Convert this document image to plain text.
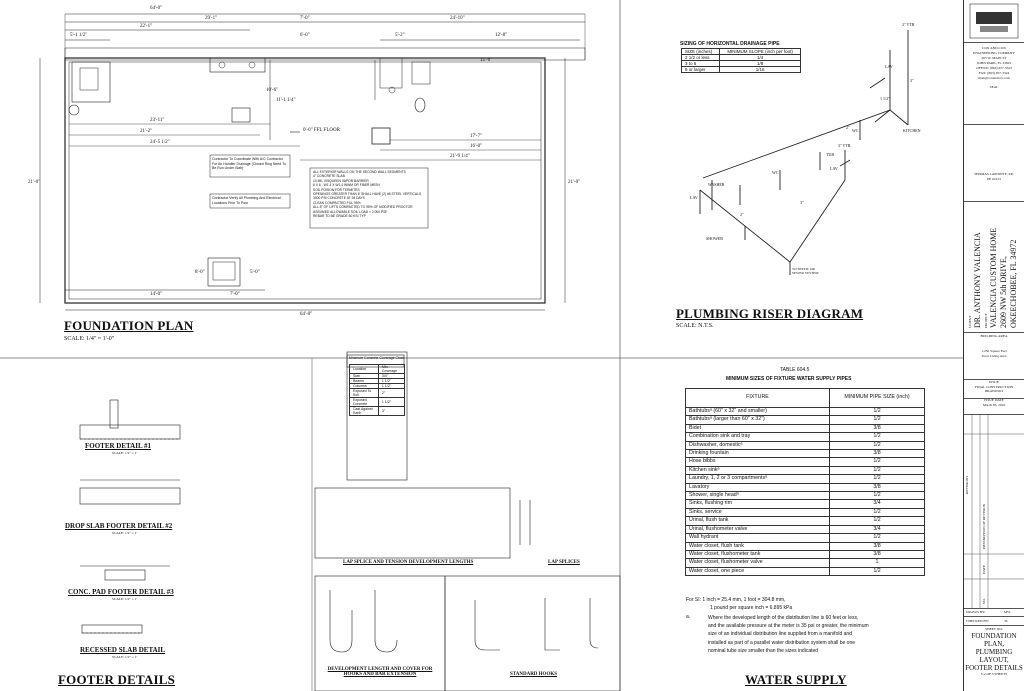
64'-0"
29'-1"	7'-0"	24'-10"
22'-1"
5'-1 1/2"	6'-0"	5'-2"	12'-8"
15'-6"
23'-11"
21'-2"
24'-5 1/2"
17'-7"
16'-0"
21'-9 1/4"
10'-6"
11'-1 1/4"
8'-0"	5'-0"
14'-0"	7'-0"
64'-0"
21'-0"	21'-0"
0'-0" FFL FLOOR
Contractor To Coordinate With A/C Contractor For Air Handler Drainage (Closed Ring Need To Be Run Under Slab)
Contractor Verify All Plumbing And Electrical Locations Prior To Pour
ALL EXTERIOR WALLS ON THE SECOND WALL SEGMENTS
4" CONCRETE SLAB
10 MIL VISQUEEN VAPOR BARRIER
6 X 6 - W1.4 X W1.4 WWM OR FIBER MESH
SOIL POISON FOR TERMITES
OPENINGS GREATER THAN 6' SHALL HAVE (2) #5 STEEL VERTICALS
3000 PSI CONCRETE AT 28 DAYS
CLEAN COMPACTED FILL 95%
ALL 8" OF LIFTS COMPACTED TO 95% OF MODIFIED PROCTOR
ASSUMED ALLOWABLE SOIL LOAD = 2,000 PSF
REBAR TO BE GRADE 60 KSI TYP
FOUNDATION PLAN
SCALE: 1/4" = 1'-0"
SIZING OF HORIZONTAL DRAINAGE PIPE
SIZE (inches)	MINIMUM SLOPE (inch per foot)
2 1/2 or less	1/4
3 to 6	1/8
8 or larger	1/16
2" VTR
LAV
KITCHEN
LAV
WASHER
WC
TUB
LAV
WC
SHOWER
3" VTR
TO SEPTIC OR SEWER SYSTEM
2"
3"
2"
1 1/2"
3"
PLUMBING RISER DIAGRAM
SCALE: N.T.S.
FOOTER DETAIL #1
SCALE: 1/2" = 1'
DROP SLAB FOOTER DETAIL #2
SCALE: 1/2" = 1'
CONC. PAD FOOTER DETAIL #3
SCALE: 1/2" = 1'
RECESSED SLAB DETAIL
SCALE: 1/2" = 1'
Minimum Concrete Coverage Chart
Location	Min. Coverage
Slab	3/4"
Beams	1 1/2"
Columns	1 1/2"
Exposed To Soil	2"
Exposed Concrete	1 1/2"
Cast Against Earth	3"
LAP SPLICE AND TENSION DEVELOPMENT LENGTHS	LAP SPLICES
DEVELOPMENT LENGTH AND COVER FOR HOOKS AND BAR EXTENSION	STANDARD HOOKS
FOOTER DETAILS
TABLE 604.5
MINIMUM SIZES OF FIXTURE WATER SUPPLY PIPES
FIXTURE	MINIMUM PIPE SIZE (inch)
Bathtubsᵃ (60" x 32" and smaller)	1/2
Bathtubsᵃ (larger than 60" x 32")	1/2
Bidet	3/8
Combination sink and tray	1/2
Dishwasher, domesticᵃ	1/2
Drinking fountain	3/8
Hose bibbs	1/2
Kitchen sinkᵃ	1/2
Laundry, 1, 2 or 3 compartmentsᵃ	1/2
Lavatory	3/8
Shower, single headᵃ	1/2
Sinks, flushing rim	3/4
Sinks, service	1/2
Urinal, flush tank	1/2
Urinal, flushometer valve	3/4
Wall hydrant	1/2
Water closet, flush tank	3/8
Water closet, flushometer tank	3/8
Water closet, flushometer valve	1
Water closet, one piece	1/2
For SI: 1 inch = 25.4 mm, 1 foot = 304.8 mm,
1 pound per square inch = 6.895 kPa
a.	Where the developed length of the distribution line is 60 feet or less,
and the available pressure at the meter is 35 psi or greater, the minimum
size of an individual distribution line supplied from a manifold and
installed as part of a parallel water distribution system shall be one
nominal tube size smaller than the sizes indicated
WATER SUPPLY
COX AND COX
ENGINEERING COMPANY
205 W. MAIN ST
JOHN PARK, FL 33825
OFFICE: (863) 657-3323
FAX: (863) 657-3324
mail@coxandcox.com
SEAL
THOMAS LAPOINTE, P.E.
PE 62123
CLIENT DR. ANTHONY VALENCIA PROJECT VALENCIA CUSTOM HOME 2609 NW 5th DRIVE, OKEECHOBEE, FL 34972
BUILDING AREA
1,250 Square Feet
Total Living Area
ISSUE
FINAL CONSTRUCTION
DRAWINGS
ISSUE DATE
March 03, 2016
REVISIONS
NO.
DATE
DESCRIPTION OF REVISION
DRAWN BY:	MW
CHECKED BY:	TL
SHEET NO.
FOUNDATION
PLAN,
PLUMBING
LAYOUT,
FOOTER DETAILS
S-2 OF 3 SHEETS
